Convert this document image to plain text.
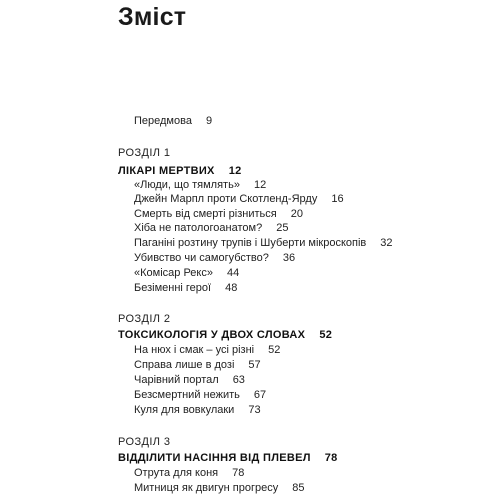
Зміст
Передмова 9
РОЗДІЛ 1
ЛІКАРІ МЕРТВИХ 12
«Люди, що тямлять» 12
Джейн Марпл проти Скотленд-Ярду 16
Смерть від смерті різниться 20
Хіба не патологоанатом? 25
Паганіні розтину трупів і Шуберти мікроскопів 32
Убивство чи самогубство? 36
«Комісар Рекс» 44
Безіменні герої 48
РОЗДІЛ 2
ТОКСИКОЛОГІЯ У ДВОХ СЛОВАХ 52
На нюх і смак – усі різні 52
Справа лише в дозі 57
Чарівний портал 63
Безсмертний нежить 67
Куля для вовкулаки 73
РОЗДІЛ 3
ВІДДІЛИТИ НАСІННЯ ВІД ПЛЕВЕЛ 78
Отрута для коня 78
Митниця як двигун прогресу 85
